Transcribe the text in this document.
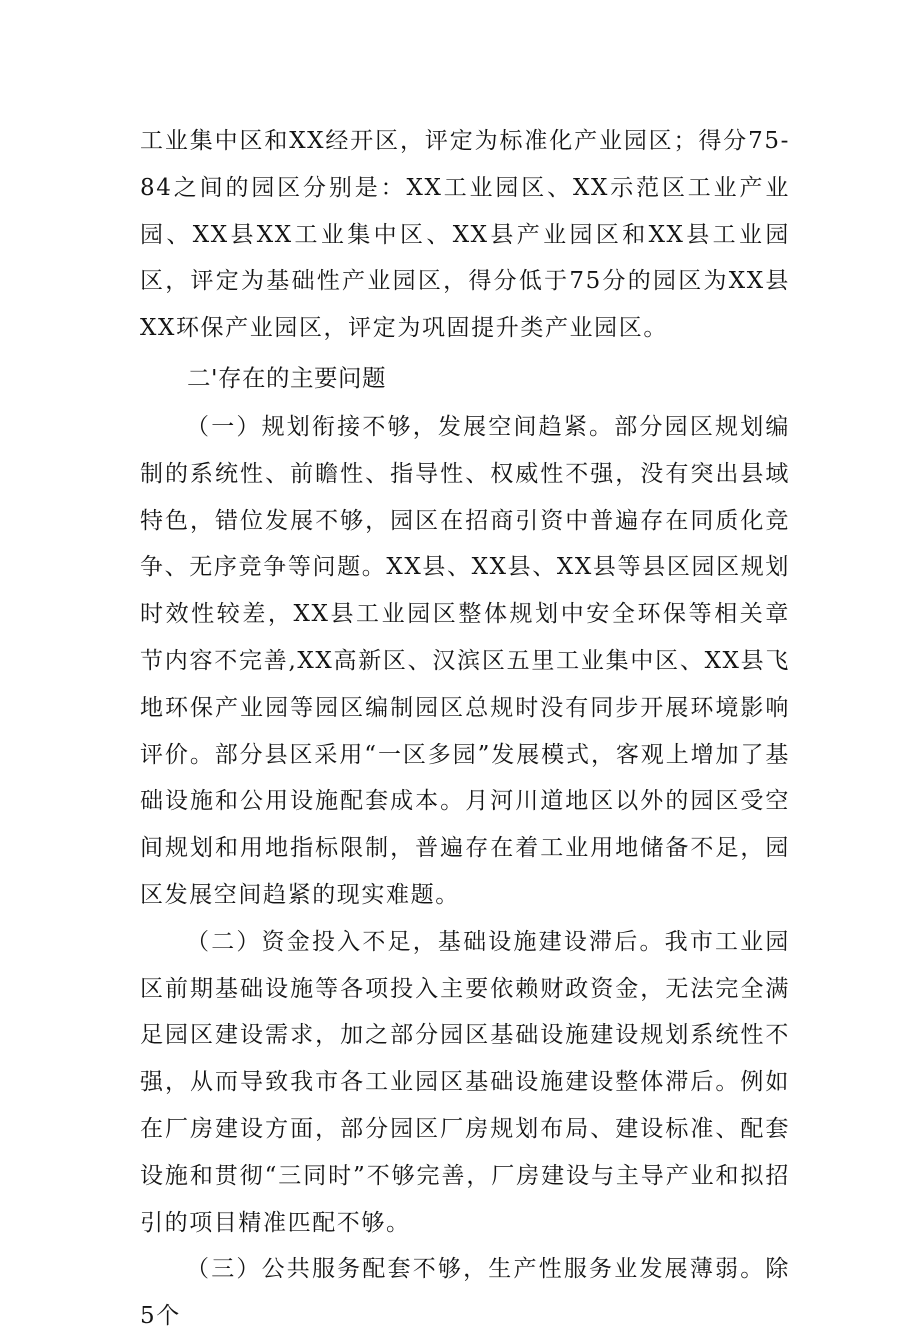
工业集中区和XX经开区，评定为标准化产业园区；得分75-84之间的园区分别是：XX工业园区、XX示范区工业产业园、XX县XX工业集中区、XX县产业园区和XX县工业园区，评定为基础性产业园区，得分低于75分的园区为XX县XX环保产业园区，评定为巩固提升类产业园区。

二'存在的主要问题

（一）规划衔接不够，发展空间趋紧。部分园区规划编制的系统性、前瞻性、指导性、权威性不强，没有突出县域特色，错位发展不够，园区在招商引资中普遍存在同质化竞争、无序竞争等问题。XX县、XX县、XX县等县区园区规划时效性较差，XX县工业园区整体规划中安全环保等相关章节内容不完善,XX高新区、汉滨区五里工业集中区、XX县飞地环保产业园等园区编制园区总规时没有同步开展环境影响评价。部分县区采用“一区多园”发展模式，客观上增加了基础设施和公用设施配套成本。月河川道地区以外的园区受空间规划和用地指标限制，普遍存在着工业用地储备不足，园区发展空间趋紧的现实难题。

（二）资金投入不足，基础设施建设滞后。我市工业园区前期基础设施等各项投入主要依赖财政资金，无法完全满足园区建设需求，加之部分园区基础设施建设规划系统性不强，从而导致我市各工业园区基础设施建设整体滞后。例如在厂房建设方面，部分园区厂房规划布局、建设标准、配套设施和贯彻“三同时”不够完善，厂房建设与主导产业和拟招引的项目精准匹配不够。

（三）公共服务配套不够，生产性服务业发展薄弱。除5个
